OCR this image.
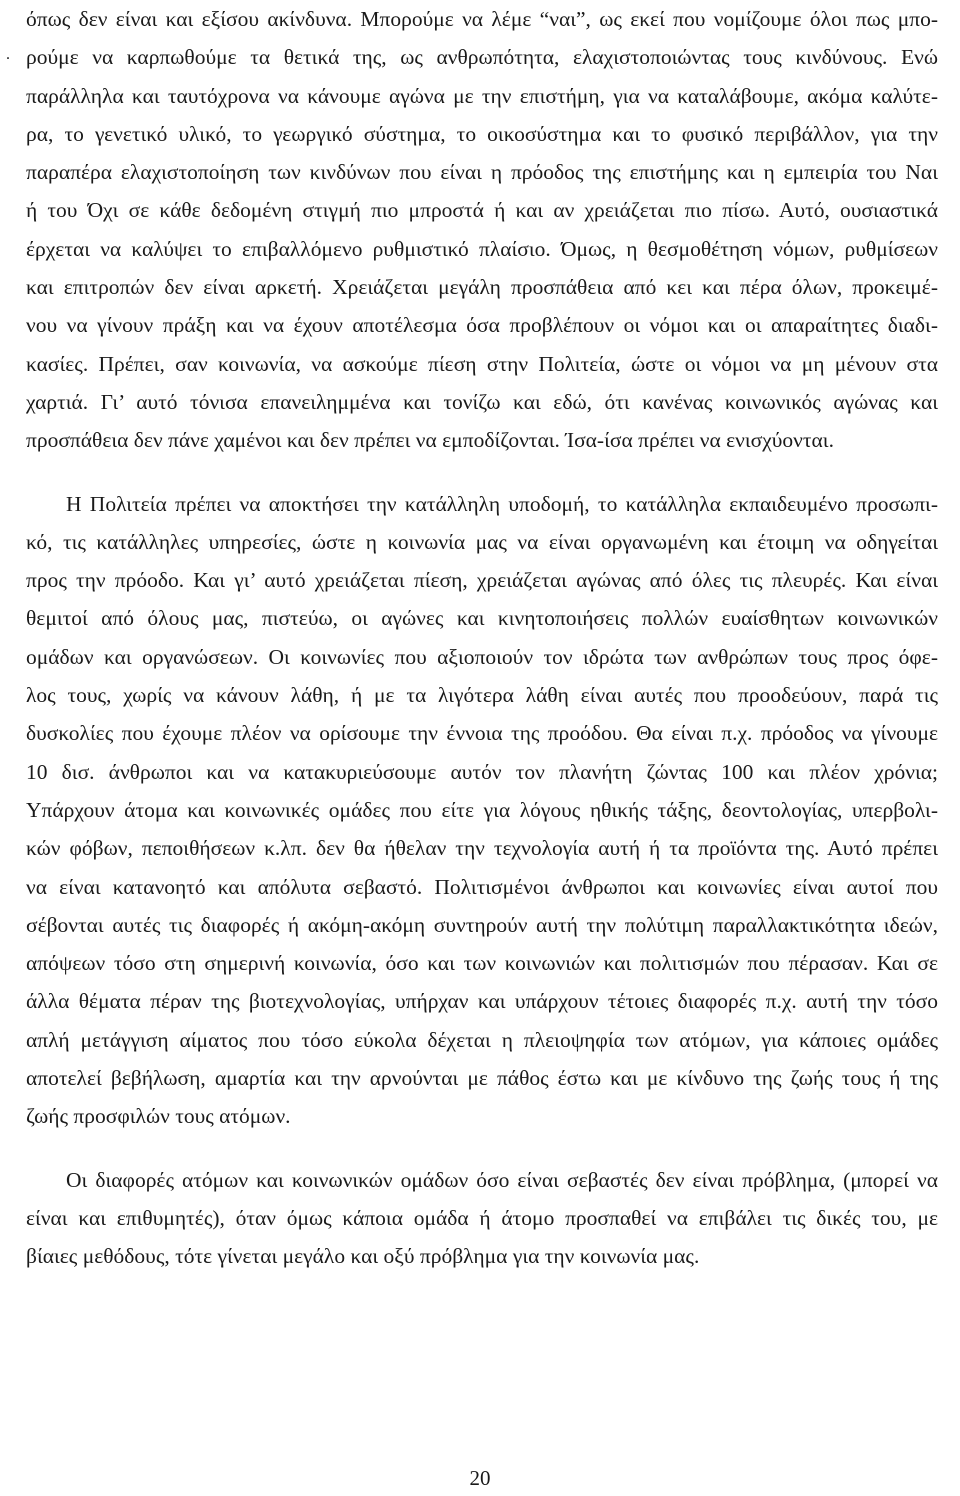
.

όπως δεν είναι και εξίσου ακίνδυνα. Μπορούμε να λέμε “ναι”, ως εκεί που νομίζουμε όλοι πως μπο-
ρούμε να καρπωθούμε τα θετικά της, ως ανθρωπότητα, ελαχιστοποιώντας τους κινδύνους. Ενώ
παράλληλα και ταυτόχρονα να κάνουμε αγώνα με την επιστήμη, για να καταλάβουμε, ακόμα καλύτε-
ρα, το γενετικό υλικό, το γεωργικό σύστημα, το οικοσύστημα και το φυσικό περιβάλλον, για την
παραπέρα ελαχιστοποίηση των κινδύνων που είναι η πρόοδος της επιστήμης και η εμπειρία του Ναι
ή του Όχι σε κάθε δεδομένη στιγμή πιο μπροστά ή και αν χρειάζεται πιο πίσω. Αυτό, ουσιαστικά
έρχεται να καλύψει το επιβαλλόμενο ρυθμιστικό πλαίσιο. Όμως, η θεσμοθέτηση νόμων, ρυθμίσεων
και επιτροπών δεν είναι αρκετή. Χρειάζεται μεγάλη προσπάθεια από κει και πέρα όλων, προκειμέ-
νου να γίνουν πράξη και να έχουν αποτέλεσμα όσα προβλέπουν οι νόμοι και οι απαραίτητες διαδι-
κασίες. Πρέπει, σαν κοινωνία, να ασκούμε πίεση στην Πολιτεία, ώστε οι νόμοι να μη μένουν στα
χαρτιά. Γι’ αυτό τόνισα επανειλημμένα και τονίζω και εδώ, ότι κανένας κοινωνικός αγώνας και
προσπάθεια δεν πάνε χαμένοι και δεν πρέπει να εμποδίζονται. Ίσα-ίσα πρέπει να ενισχύονται.

Η Πολιτεία πρέπει να αποκτήσει την κατάλληλη υποδομή, το κατάλληλα εκπαιδευμένο προσωπι-
κό, τις κατάλληλες υπηρεσίες, ώστε η κοινωνία μας να είναι οργανωμένη και έτοιμη να οδηγείται
προς την πρόοδο. Και γι’ αυτό χρειάζεται πίεση, χρειάζεται αγώνας από όλες τις πλευρές. Και είναι
θεμιτοί από όλους μας, πιστεύω, οι αγώνες και κινητοποιήσεις πολλών ευαίσθητων κοινωνικών
ομάδων και οργανώσεων. Οι κοινωνίες που αξιοποιούν τον ιδρώτα των ανθρώπων τους προς όφε-
λος τους, χωρίς να κάνουν λάθη, ή με τα λιγότερα λάθη είναι αυτές που προοδεύουν, παρά τις
δυσκολίες που έχουμε πλέον να ορίσουμε την έννοια της προόδου. Θα είναι π.χ. πρόοδος να γίνουμε
10 δισ. άνθρωποι και να κατακυριεύσουμε αυτόν τον πλανήτη ζώντας 100 και πλέον χρόνια;
Υπάρχουν άτομα και κοινωνικές ομάδες που είτε για λόγους ηθικής τάξης, δεοντολογίας, υπερβολι-
κών φόβων, πεποιθήσεων κ.λπ. δεν θα ήθελαν την τεχνολογία αυτή ή τα προϊόντα της. Αυτό πρέπει
να είναι κατανοητό και απόλυτα σεβαστό. Πολιτισμένοι άνθρωποι και κοινωνίες είναι αυτοί που
σέβονται αυτές τις διαφορές ή ακόμη-ακόμη συντηρούν αυτή την πολύτιμη παραλλακτικότητα ιδεών,
απόψεων τόσο στη σημερινή κοινωνία, όσο και των κοινωνιών και πολιτισμών που πέρασαν. Και σε
άλλα θέματα πέραν της βιοτεχνολογίας, υπήρχαν και υπάρχουν τέτοιες διαφορές π.χ. αυτή την τόσο
απλή μετάγγιση αίματος που τόσο εύκολα δέχεται η πλειοψηφία των ατόμων, για κάποιες ομάδες
αποτελεί βεβήλωση, αμαρτία και την αρνούνται με πάθος έστω και με κίνδυνο της ζωής τους ή της
ζωής προσφιλών τους ατόμων.

Οι διαφορές ατόμων και κοινωνικών ομάδων όσο είναι σεβαστές δεν είναι πρόβλημα, (μπορεί να
είναι και επιθυμητές), όταν όμως κάποια ομάδα ή άτομο προσπαθεί να επιβάλει τις δικές του, με
βίαιες μεθόδους, τότε γίνεται μεγάλο και οξύ πρόβλημα για την κοινωνία μας.

20
